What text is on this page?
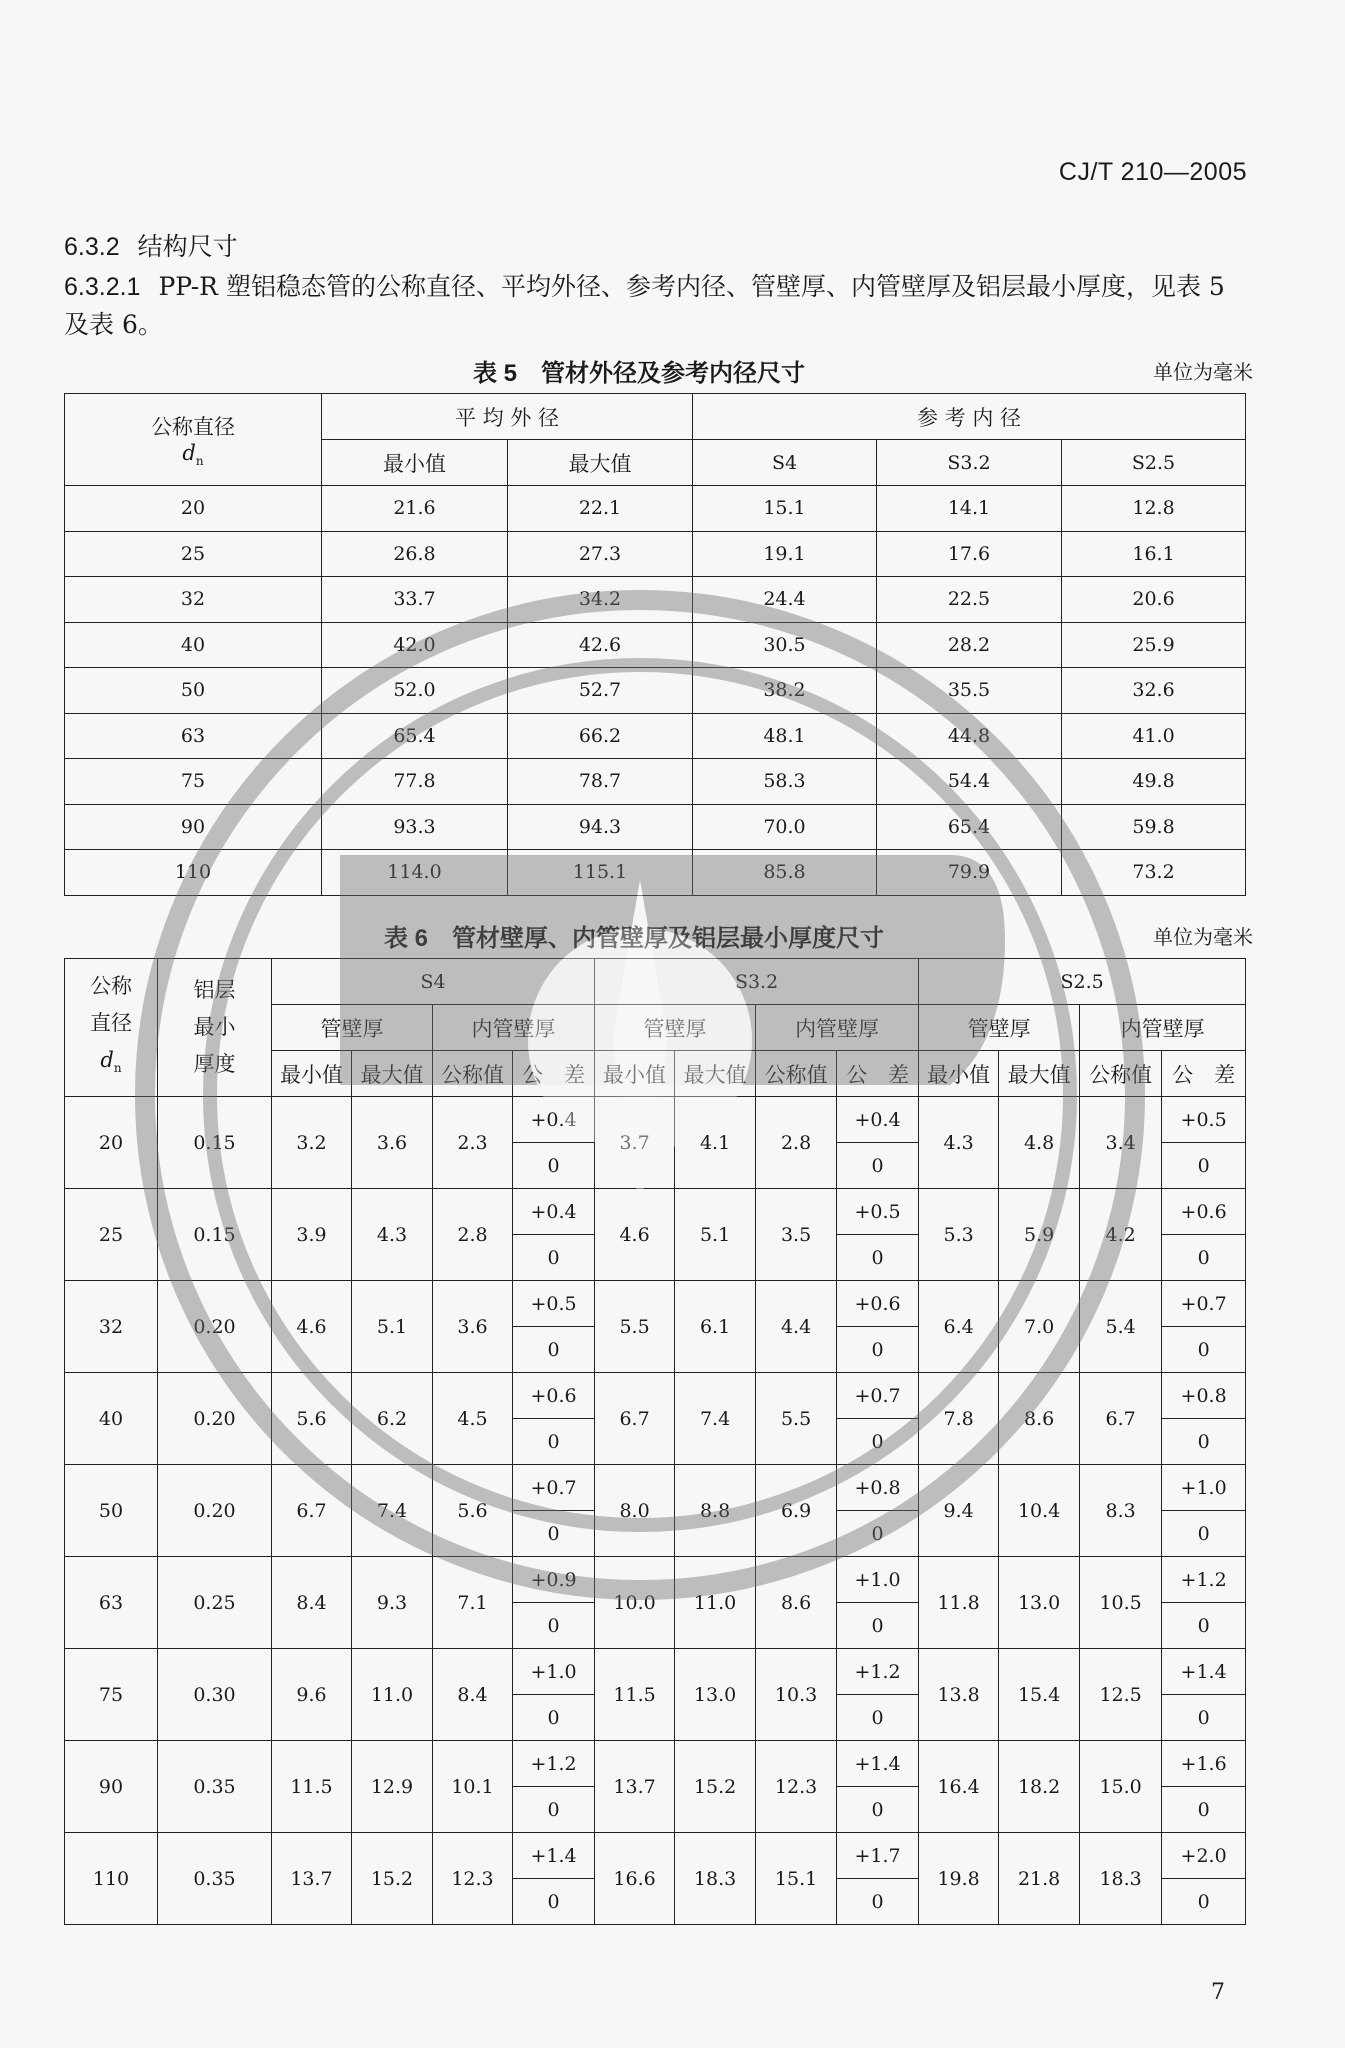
CJ/T 210—2005
6.3.2 结构尺寸
6.3.2.1 PP-R 塑铝稳态管的公称直径、平均外径、参考内径、管壁厚、内管壁厚及铝层最小厚度，见表 5 及表 6。
表 5　管材外径及参考内径尺寸	单位为毫米
公称直径
$d_n$	平 均 外 径		参 考 内 径		
	最小值	最大值	S4	S3.2	S2.5
20	21.6	22.1	15.1	14.1	12.8
25	26.8	27.3	19.1	17.6	16.1
32	33.7	34.2	24.4	22.5	20.6
40	42.0	42.6	30.5	28.2	25.9
50	52.0	52.7	38.2	35.5	32.6
63	65.4	66.2	48.1	44.8	41.0
75	77.8	78.7	58.3	54.4	49.8
90	93.3	94.3	70.0	65.4	59.8
110	114.0	115.1	85.8	79.9	73.2
表 6　管材壁厚、内管壁厚及铝层最小厚度尺寸	单位为毫米
公称
直径
$d_n$	铝层
最小
厚度	S4				S3.2				S2.5			
		管壁厚		内管壁厚		管壁厚		内管壁厚		管壁厚		内管壁厚	
		最小值	最大值	公称值	公　差	最小值	最大值	公称值	公　差	最小值	最大值	公称值	公　差
20	0.15	3.2	3.6	2.3	+0.4	3.7	4.1	2.8	+0.4	4.3	4.8	3.4	+0.5
					0				0				0
25	0.15	3.9	4.3	2.8	+0.4	4.6	5.1	3.5	+0.5	5.3	5.9	4.2	+0.6
					0				0				0
32	0.20	4.6	5.1	3.6	+0.5	5.5	6.1	4.4	+0.6	6.4	7.0	5.4	+0.7
					0				0				0
40	0.20	5.6	6.2	4.5	+0.6	6.7	7.4	5.5	+0.7	7.8	8.6	6.7	+0.8
					0				0				0
50	0.20	6.7	7.4	5.6	+0.7	8.0	8.8	6.9	+0.8	9.4	10.4	8.3	+1.0
					0				0				0
63	0.25	8.4	9.3	7.1	+0.9	10.0	11.0	8.6	+1.0	11.8	13.0	10.5	+1.2
					0				0				0
75	0.30	9.6	11.0	8.4	+1.0	11.5	13.0	10.3	+1.2	13.8	15.4	12.5	+1.4
					0				0				0
90	0.35	11.5	12.9	10.1	+1.2	13.7	15.2	12.3	+1.4	16.4	18.2	15.0	+1.6
					0				0				0
110	0.35	13.7	15.2	12.3	+1.4	16.6	18.3	15.1	+1.7	19.8	21.8	18.3	+2.0
					0				0				0
7
